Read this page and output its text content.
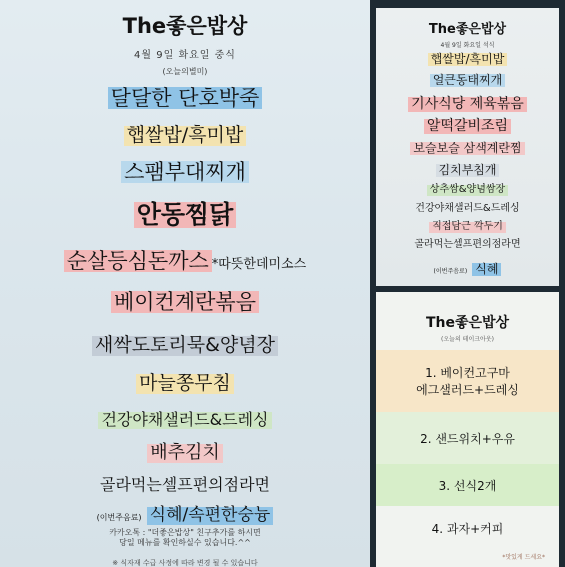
The좋은밥상
4월 9일 화요일 중식
(오늘의별미)
달달한 단호박죽
햅쌀밥/흑미밥
스팸부대찌개
안동찜닭
순살등심돈까스 *따뜻한데미소스
베이컨계란볶음
새싹도토리묵&양념장
마늘쫑무침
건강야채샐러드&드레싱
배추김치
골라먹는셀프편의점라면
(이번주음료) 식혜/속편한숭늉
카카오톡 : "더좋은밥상" 친구추가를 하시면
당일 메뉴를 확인하실수 있습니다.^^
※ 식자재 수급 사정에 따라 변경 될 수 있습니다
The좋은밥상
4월 9일 화요일 석식
햅쌀밥/흑미밥
얼큰동태찌개
기사식당 제육볶음
알떡갈비조림
보슬보슬 삼색계란찜
김치부침개
상추쌈&양념쌈장
건강야채샐러드&드레싱
직접담근 깍두기
골라먹는셀프편의점라면
(이번주음료) 식혜
The좋은밥상
(오늘의 테이크아웃)
1. 베이컨고구마
에그샐러드+드레싱
2. 샌드위치+우유
3. 선식2개
4. 과자+커피
*맛있게 드세요*
